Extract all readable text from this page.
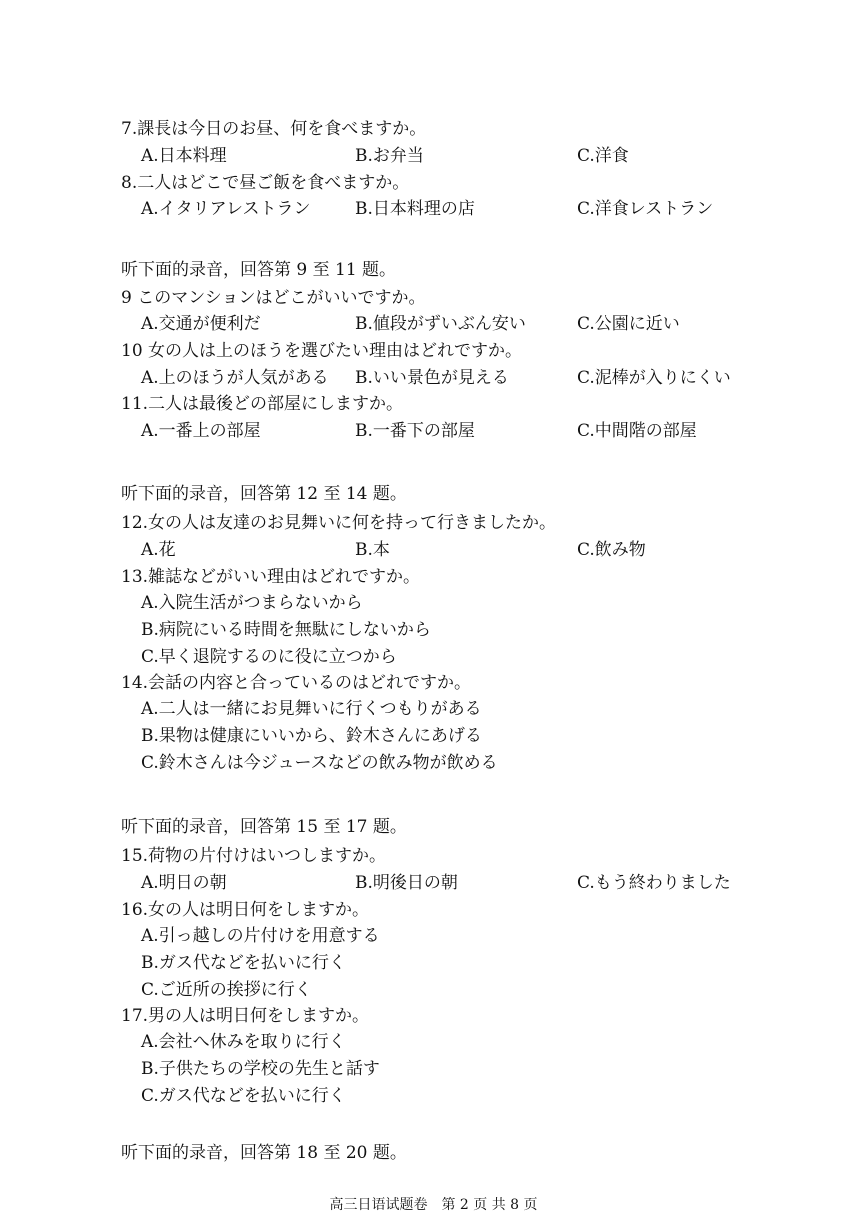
7.課長は今日のお昼、何を食べますか。
A.日本料理	B.お弁当	C.洋食
8.二人はどこで昼ご飯を食べますか。
A.イタリアレストラン	B.日本料理の店	C.洋食レストラン
听下面的录音，回答第 9 至 11 题。
9 このマンションはどこがいいですか。
A.交通が便利だ	B.値段がずいぶん安い	C.公園に近い
10 女の人は上のほうを選びたい理由はどれですか。
A.上のほうが人気がある B.いい景色が見える	C.泥棒が入りにくい
11.二人は最後どの部屋にしますか。
A.一番上の部屋	B.一番下の部屋	C.中間階の部屋
听下面的录音，回答第 12 至 14 题。
12.女の人は友達のお見舞いに何を持って行きましたか。
A.花	B.本	C.飲み物
13.雑誌などがいい理由はどれですか。
A.入院生活がつまらないから
B.病院にいる時間を無駄にしないから
C.早く退院するのに役に立つから
14.会話の内容と合っているのはどれですか。
A.二人は一緒にお見舞いに行くつもりがある
B.果物は健康にいいから、鈴木さんにあげる
C.鈴木さんは今ジュースなどの飲み物が飲める
听下面的录音，回答第 15 至 17 题。
15.荷物の片付けはいつしますか。
A.明日の朝	B.明後日の朝	C.もう終わりました
16.女の人は明日何をしますか。
A.引っ越しの片付けを用意する
B.ガス代などを払いに行く
C.ご近所の挨拶に行く
17.男の人は明日何をしますか。
A.会社へ休みを取りに行く
B.子供たちの学校の先生と話す
C.ガス代などを払いに行く
听下面的录音，回答第 18 至 20 题。
高三日语试题卷　第 2 页 共 8 页
